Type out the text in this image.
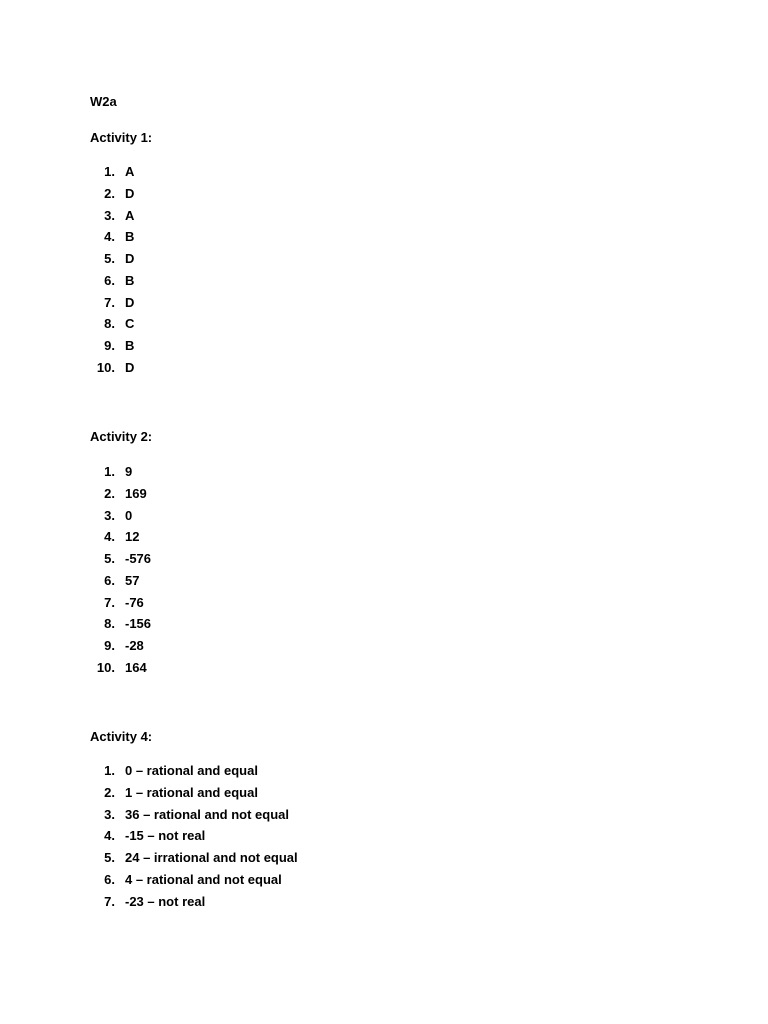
W2a
Activity 1:
1. A
2. D
3. A
4. B
5. D
6. B
7. D
8. C
9. B
10. D
Activity 2:
1. 9
2. 169
3. 0
4. 12
5. -576
6. 57
7. -76
8. -156
9. -28
10. 164
Activity 4:
1. 0 – rational and equal
2. 1 – rational and equal
3. 36 – rational and not equal
4. -15 – not real
5. 24 – irrational and not equal
6. 4 – rational and not equal
7. -23 – not real
